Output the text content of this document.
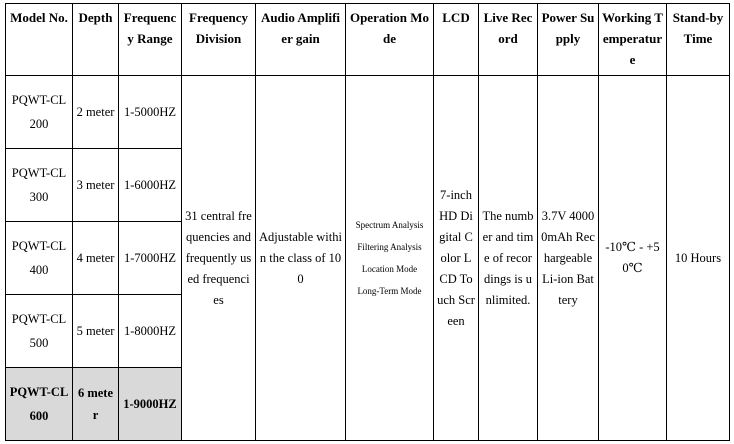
Model No.	Depth	Frequency Range	Frequency Division	Audio Amplifier gain	Operation Mode	LCD	Live Record	Power Supply	Working Temperature	Stand-by Time
PQWT-CL 200	2 meter	1-5000HZ	31 central frequencies and frequently used frequencies	Adjustable within the class of 100	Spectrum Analysis
Filtering Analysis
Location Mode
Long-Term Mode	7-inch HD Digital Color LCD Touch Screen	The number and time of recordings is unlimited.	3.7V 40000mAh Rechargeable Li-ion Battery	-10℃ - +50℃	10 Hours
PQWT-CL 300	3 meter	1-6000HZ								
PQWT-CL 400	4 meter	1-7000HZ								
PQWT-CL 500	5 meter	1-8000HZ								
PQWT-CL 600	6 meter	1-9000HZ								
